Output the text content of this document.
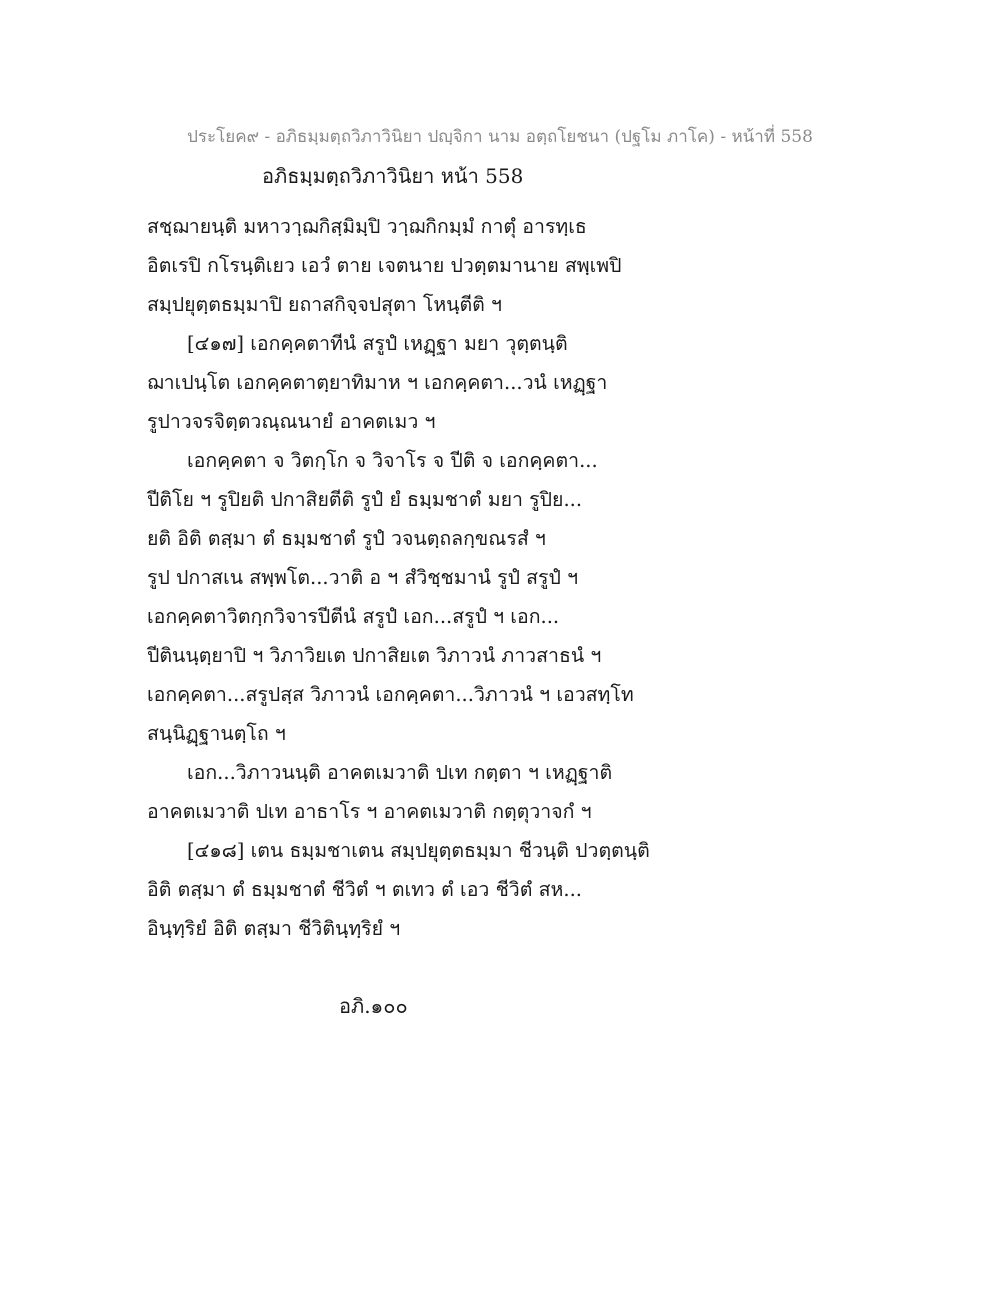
ประโยค๙ - อภิธมฺมตฺถวิภาวินิยา ปญฺจิกา นาม อตฺถโยชนา (ปฐโม ภาโค) - หน้าที่ 558
อภิธมฺมตฺถวิภาวินิยา หน้า 558
สชฺฌายนฺติ มหาวาฺฌกิสฺมิมฺปิ วาฺฌกิกมฺมํ กาตุํ อารทฺเธ
อิตเรปิ กโรนฺติเยว เอวํ ตาย เจตนาย ปวตฺตมานาย สพฺเพปิ
สมฺปยุตฺตธมฺมาปิ ยถาสกิจฺจปสุตา โหนฺตีติ ฯ
[๔๑๗] เอกคฺคตาทีนํ สรูปํ เหฏฺฐา มยา วุตฺตนฺติ
ฌาเปนฺโต เอกคฺคตาตฺยาทิมาห ฯ เอกคฺคตา...วนํ เหฏฺฐา
รูปาวจรจิตฺตวณฺณนายํ อาคตเมว ฯ
เอกคฺคตา จ วิตกฺโก จ วิจาโร จ ปีติ จ เอกคฺคตา...
ปีติโย ฯ รูปิยติ ปกาสิยตีติ รูปํ ยํ ธมฺมชาตํ มยา รูปิย...
ยติ อิติ ตสฺมา ตํ ธมฺมชาตํ รูปํ วจนตฺถลกฺขณรสํ ฯ
รูป ปกาสเน สพฺพโต...วาติ อ ฯ สํวิชฺชมานํ รูปํ สรูปํ ฯ
เอกคฺคตาวิตกฺกวิจารปีตีนํ สรูปํ เอก...สรูปํ ฯ เอก...
ปีตินนฺตฺยาปิ ฯ วิภาวิยเต ปกาสิยเต วิภาวนํ ภาวสาธนํ ฯ
เอกคฺคตา...สรูปสฺส วิภาวนํ เอกคฺคตา...วิภาวนํ ฯ เอวสทฺโท
สนฺนิฏฺฐานตฺโถ ฯ
เอก...วิภาวนนฺติ อาคตเมวาติ ปเท กตฺตา ฯ เหฏฺฐาติ
อาคตเมวาติ ปเท อาธาโร ฯ อาคตเมวาติ กตฺตุวาจกํ ฯ
[๔๑๘] เตน ธมฺมชาเตน สมฺปยุตฺตธมฺมา ชีวนฺติ ปวตฺตนฺติ
อิติ ตสฺมา ตํ ธมฺมชาตํ ชีวิตํ ฯ ตเทว ตํ เอว ชีวิตํ สห...
อินฺทฺริยํ อิติ ตสฺมา ชีวิตินฺทฺริยํ ฯ
อภิ.๑๐๐
